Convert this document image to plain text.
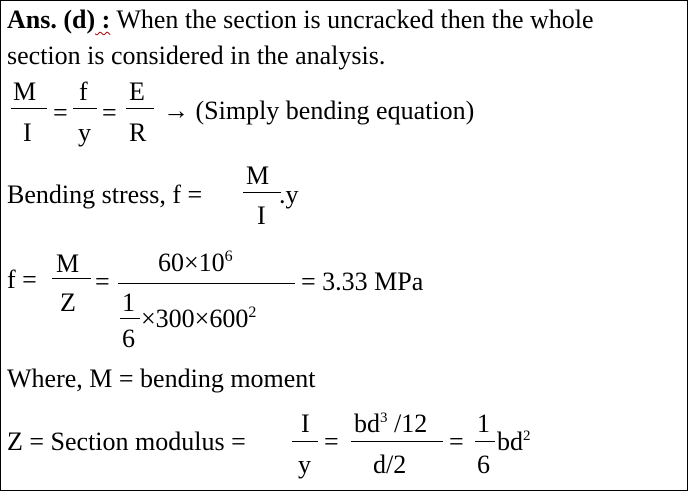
Ans. (d) : When the section is uncracked then the whole
section is considered in the analysis.
M
I
=
f
y
=
E
R
→ (Simply bending equation)
Bending stress, f =
M
I
.y
f =
M
Z
=
$60\times 10^6$
1
6
$\times 300\times 600^2$
= 3.33 MPa
Where, M = bending moment
Z = Section modulus =
I
y
=
$bd^3$ /12
d/2
=
1
6
$bd^2$
